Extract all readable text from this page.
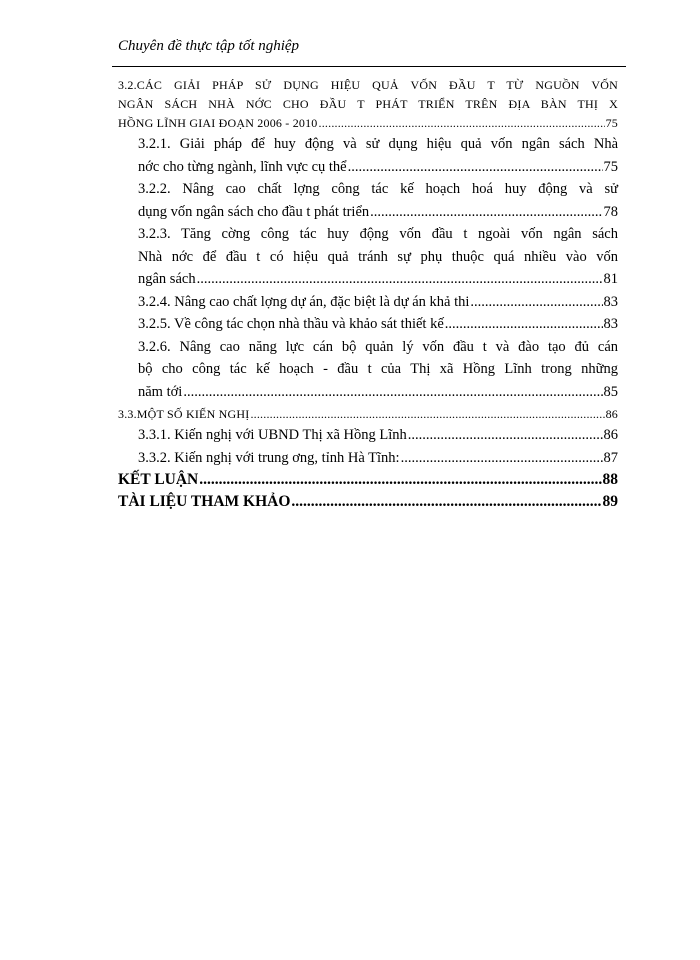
Chuyên đề thực tập tốt nghiệp
3.2.CÁC GIẢI PHÁP SỬ DỤNG HIỆU QUẢ VỐN ĐẦU T TỪ NGUỒN VỐN
NGÂN SÁCH NHÀ NỚC CHO ĐẦU T PHÁT TRIỂN TRÊN ĐỊA BÀN THỊ X
HỒNG LĨNH GIAI ĐOẠN 2006 - 2010 .....	75
3.2.1. Giải pháp để huy động và sử dụng hiệu quả vốn ngân sách Nhà
nớc cho từng ngành, lĩnh vực cụ thể .....	75
3.2.2. Nâng cao chất lợng công tác kế hoạch hoá huy động và sử
dụng vốn ngân sách cho đầu t phát triển .....	78
3.2.3. Tăng cờng công tác huy động vốn đầu t ngoài vốn ngân sách
Nhà nớc để đầu t có hiệu quả tránh sự phụ thuộc quá nhiều vào vốn
ngân sách .....	81
3.2.4. Nâng cao chất lợng dự án, đặc biệt là dự án khả thi .....	83
3.2.5. Về công tác chọn nhà thầu và khảo sát thiết kế .....	83
3.2.6. Nâng cao năng lực cán bộ quản lý vốn đầu t và đào tạo đủ cán
bộ cho công tác kế hoạch - đầu t của Thị xã Hồng Lĩnh trong những
năm tới .....	85
3.3.MỘT SỐ KIẾN NGHỊ .....	86
3.3.1. Kiến nghị với UBND Thị xã Hồng Lĩnh .....	86
3.3.2. Kiến nghị với trung ơng, tỉnh Hà Tĩnh: .....	87
KẾT LUẬN .....	88
TÀI LIỆU THAM KHẢO .....	89
